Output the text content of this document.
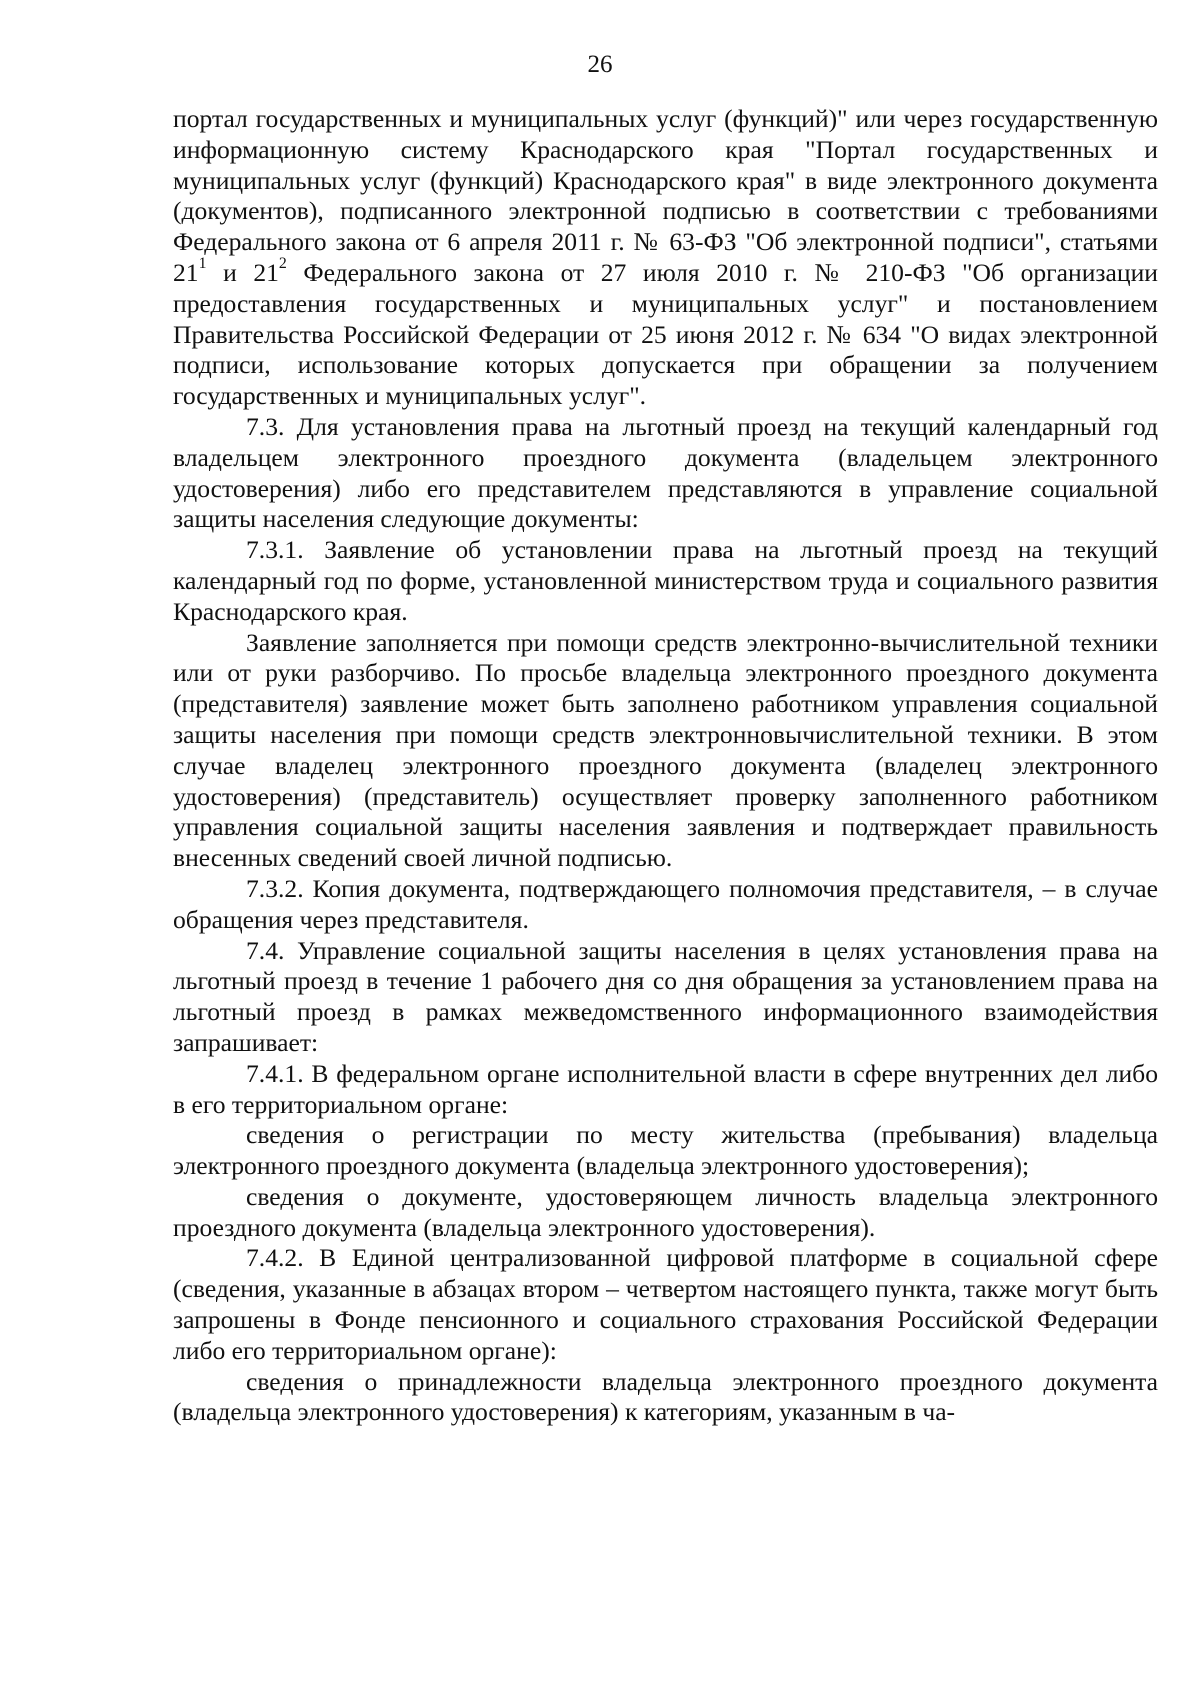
26

портал государственных и муниципальных услуг (функций)" или через государственную информационную систему Краснодарского края "Портал государственных и муниципальных услуг (функций) Краснодарского края" в виде электронного документа (документов), подписанного электронной подписью в соответствии с требованиями Федерального закона от 6 апреля 2011 г. № 63-ФЗ "Об электронной подписи", статьями $21^1$ и $21^2$ Федерального закона от 27 июля 2010 г. № 210-ФЗ "Об организации предоставления государственных и муниципальных услуг" и постановлением Правительства Российской Федерации от 25 июня 2012 г. № 634 "О видах электронной подписи, использование которых допускается при обращении за получением государственных и муниципальных услуг".

7.3. Для установления права на льготный проезд на текущий календарный год владельцем электронного проездного документа (владельцем электронного удостоверения) либо его представителем представляются в управление социальной защиты населения следующие документы:

7.3.1. Заявление об установлении права на льготный проезд на текущий календарный год по форме, установленной министерством труда и социального развития Краснодарского края.

Заявление заполняется при помощи средств электронно-вычислительной техники или от руки разборчиво. По просьбе владельца электронного проездного документа (представителя) заявление может быть заполнено работником управления социальной защиты населения при помощи средств электронновычислительной техники. В этом случае владелец электронного проездного документа (владелец электронного удостоверения) (представитель) осуществляет проверку заполненного работником управления социальной защиты населения заявления и подтверждает правильность внесенных сведений своей личной подписью.

7.3.2. Копия документа, подтверждающего полномочия представителя, – в случае обращения через представителя.

7.4. Управление социальной защиты населения в целях установления права на льготный проезд в течение 1 рабочего дня со дня обращения за установлением права на льготный проезд в рамках межведомственного информационного взаимодействия запрашивает:

7.4.1. В федеральном органе исполнительной власти в сфере внутренних дел либо в его территориальном органе:

сведения о регистрации по месту жительства (пребывания) владельца электронного проездного документа (владельца электронного удостоверения);

сведения о документе, удостоверяющем личность владельца электронного проездного документа (владельца электронного удостоверения).

7.4.2. В Единой централизованной цифровой платформе в социальной сфере (сведения, указанные в абзацах втором – четвертом настоящего пункта, также могут быть запрошены в Фонде пенсионного и социального страхования Российской Федерации либо его территориальном органе):

сведения о принадлежности владельца электронного проездного документа (владельца электронного удостоверения) к категориям, указанным в ча-
